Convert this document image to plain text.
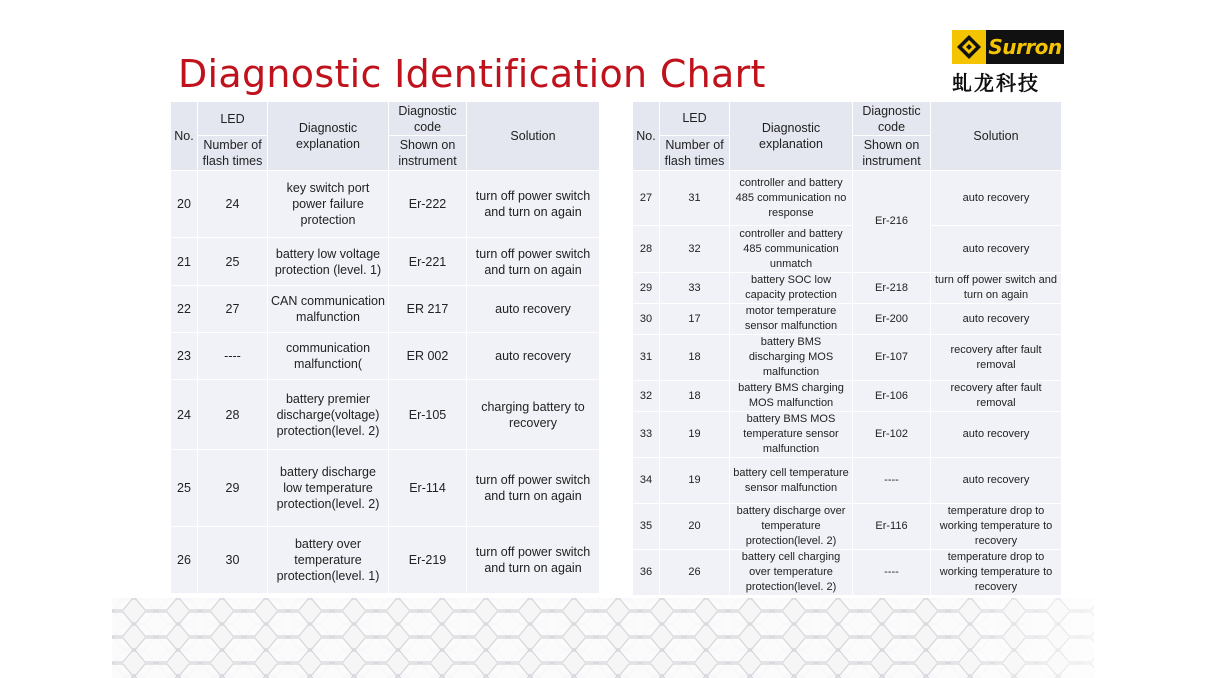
Diagnostic Identification Chart
Surron
虬龙科技
No.	LED	Diagnostic explanation	Diagnostic code	Solution
	Number of flash times		Shown on instrument	
20	24	key switch port power failure protection	Er-222	turn off power switch and turn on again
21	25	battery low voltage protection (level. 1)	Er-221	turn off power switch and turn on again
22	27	CAN communication malfunction	ER 217	auto recovery
23	----	communication malfunction(	ER 002	auto recovery
24	28	battery premier discharge(voltage) protection(level. 2)	Er-105	charging battery to recovery
25	29	battery discharge low temperature protection(level. 2)	Er-114	turn off power switch and turn on again
26	30	battery over temperature protection(level. 1)	Er-219	turn off power switch and turn on again
No.	LED	Diagnostic explanation	Diagnostic code	Solution
	Number of flash times		Shown on instrument	
27	31	controller and battery 485 communication no response	Er-216	auto recovery
28	32	controller and battery 485 communication unmatch		auto recovery
29	33	battery SOC low capacity protection	Er-218	turn off power switch and turn on again
30	17	motor temperature sensor malfunction	Er-200	auto recovery
31	18	battery BMS discharging MOS malfunction	Er-107	recovery after fault removal
32	18	battery BMS charging MOS malfunction	Er-106	recovery after fault removal
33	19	battery BMS MOS temperature sensor malfunction	Er-102	auto recovery
34	19	battery cell temperature sensor malfunction	----	auto recovery
35	20	battery discharge over temperature protection(level. 2)	Er-116	temperature drop to working temperature to recovery
36	26	battery cell charging over temperature protection(level. 2)	----	temperature drop to working temperature to recovery
